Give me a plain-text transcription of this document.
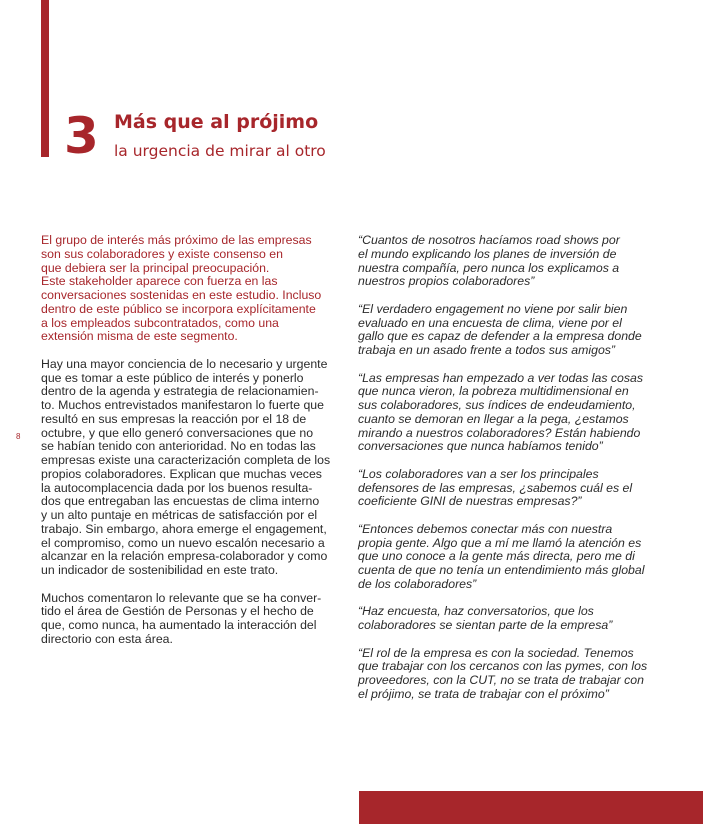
3 Más que al prójimo
la urgencia de mirar al otro
8

El grupo de interés más próximo de las empresas
son sus colaboradores y existe consenso en
que debiera ser la principal preocupación.
Este stakeholder aparece con fuerza en las
conversaciones sostenidas en este estudio. Incluso
dentro de este público se incorpora explícitamente
a los empleados subcontratados, como una
extensión misma de este segmento.

Hay una mayor conciencia de lo necesario y urgente
que es tomar a este público de interés y ponerlo
dentro de la agenda y estrategia de relacionamien-
to. Muchos entrevistados manifestaron lo fuerte que
resultó en sus empresas la reacción por el 18 de
octubre, y que ello generó conversaciones que no
se habían tenido con anterioridad. No en todas las
empresas existe una caracterización completa de los
propios colaboradores. Explican que muchas veces
la autocomplacencia dada por los buenos resulta-
dos que entregaban las encuestas de clima interno
y un alto puntaje en métricas de satisfacción por el
trabajo. Sin embargo, ahora emerge el engagement,
el compromiso, como un nuevo escalón necesario a
alcanzar en la relación empresa-colaborador y como
un indicador de sostenibilidad en este trato.

Muchos comentaron lo relevante que se ha conver-
tido el área de Gestión de Personas y el hecho de
que, como nunca, ha aumentado la interacción del
directorio con esta área.

“Cuantos de nosotros hacíamos road shows por
el mundo explicando los planes de inversión de
nuestra compañía, pero nunca los explicamos a
nuestros propios colaboradores”

“El verdadero engagement no viene por salir bien
evaluado en una encuesta de clima, viene por el
gallo que es capaz de defender a la empresa donde
trabaja en un asado frente a todos sus amigos”

“Las empresas han empezado a ver todas las cosas
que nunca vieron, la pobreza multidimensional en
sus colaboradores, sus índices de endeudamiento,
cuanto se demoran en llegar a la pega, ¿estamos
mirando a nuestros colaboradores? Están habiendo
conversaciones que nunca habíamos tenido”

“Los colaboradores van a ser los principales
defensores de las empresas, ¿sabemos cuál es el
coeficiente GINI de nuestras empresas?”

“Entonces debemos conectar más con nuestra
propia gente. Algo que a mí me llamó la atención es
que uno conoce a la gente más directa, pero me di
cuenta de que no tenía un entendimiento más global
de los colaboradores”

“Haz encuesta, haz conversatorios, que los
colaboradores se sientan parte de la empresa”

“El rol de la empresa es con la sociedad. Tenemos
que trabajar con los cercanos con las pymes, con los
proveedores, con la CUT, no se trata de trabajar con
el prójimo, se trata de trabajar con el próximo”
